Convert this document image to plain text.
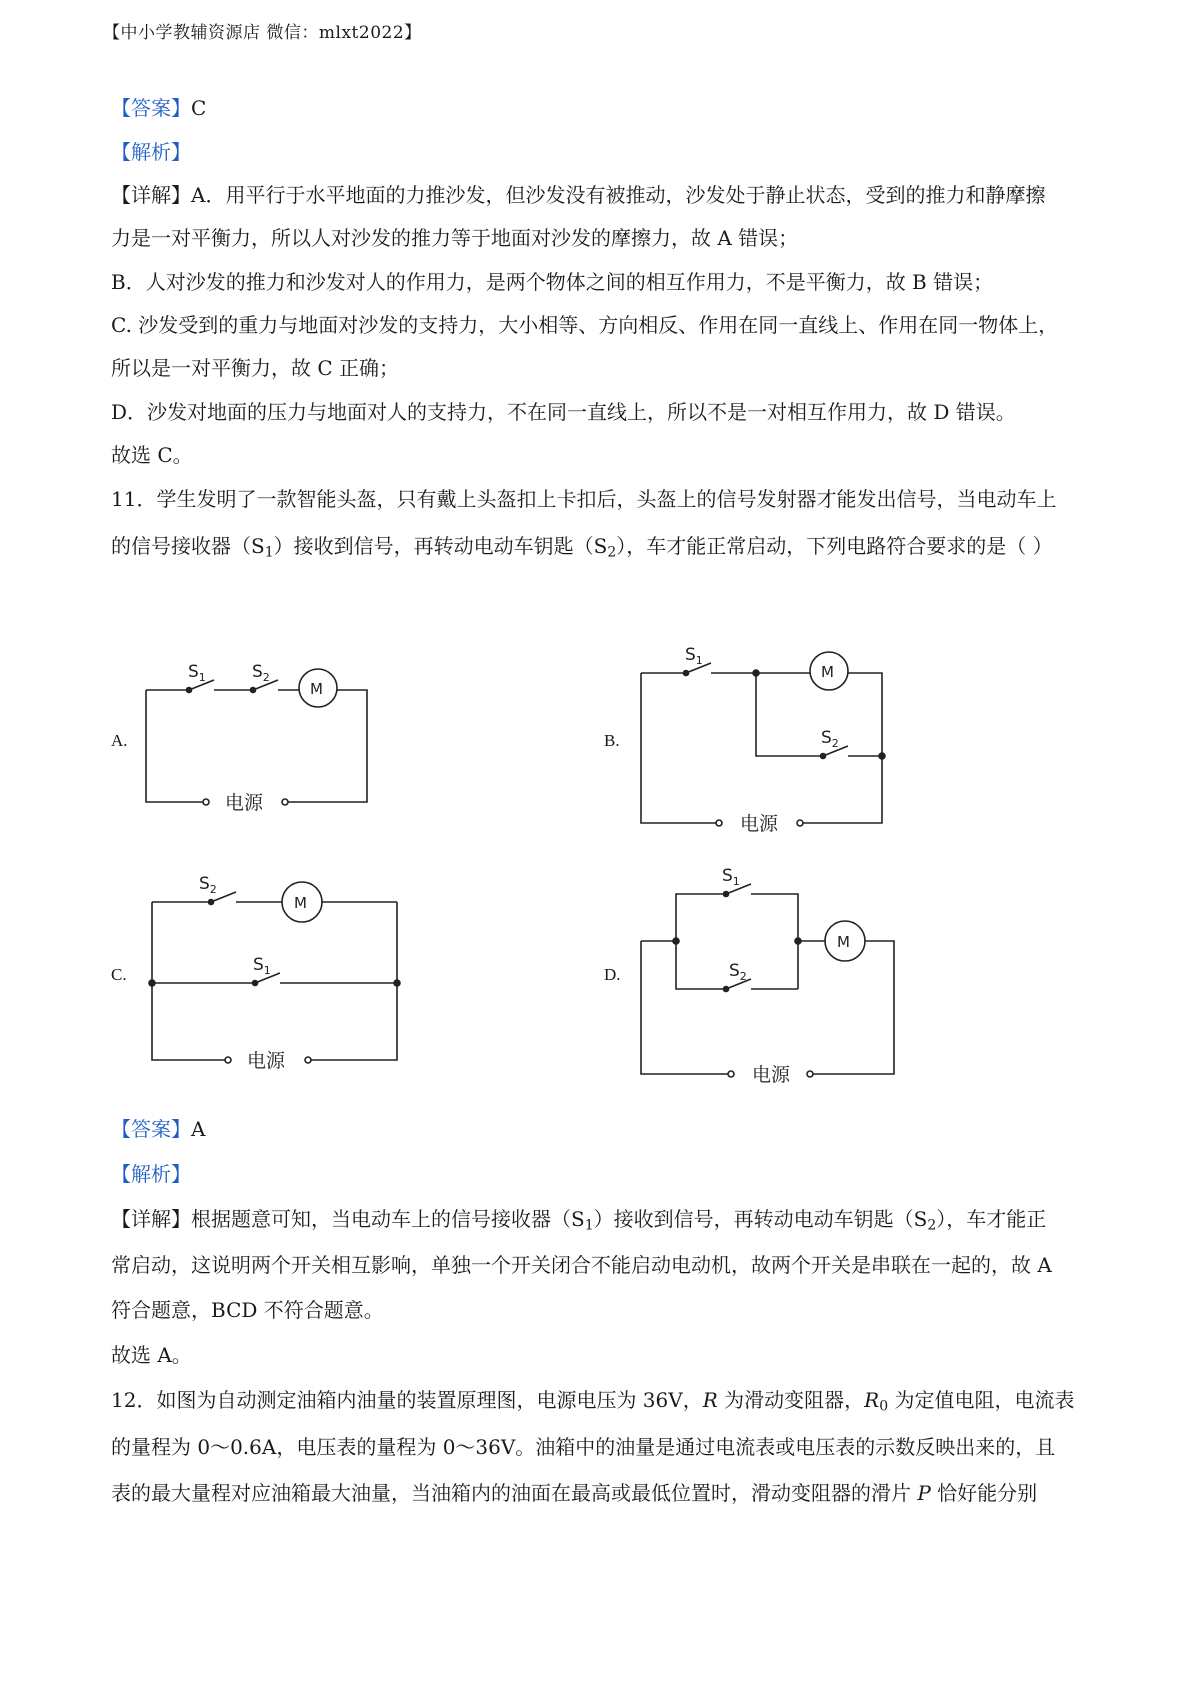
【中小学教辅资源店 微信：mlxt2022】
【答案】C
【解析】
【详解】A．用平行于水平地面的力推沙发，但沙发没有被推动，沙发处于静止状态，受到的推力和静摩擦
力是一对平衡力，所以人对沙发的推力等于地面对沙发的摩擦力，故 A 错误；
B．人对沙发的推力和沙发对人的作用力，是两个物体之间的相互作用力，不是平衡力，故 B 错误；
C. 沙发受到的重力与地面对沙发的支持力，大小相等、方向相反、作用在同一直线上、作用在同一物体上，
所以是一对平衡力，故 C 正确；
D．沙发对地面的压力与地面对人的支持力，不在同一直线上，所以不是一对相互作用力，故 D 错误。
故选 C。
11．学生发明了一款智能头盔，只有戴上头盔扣上卡扣后，头盔上的信号发射器才能发出信号，当电动车上
的信号接收器$(S_1)$接收到信号，再转动电动车钥匙$(S_2)$，车才能正常启动，下列电路符合要求的是（ ）
A.	B.
C.	D.
$S_1$	$S_2$
M
电源
$S_1$
$S_2$
M
电源
$S_2$
$S_1$
M
电源
$S_1$
$S_2$
M
电源
【答案】A
【解析】
【详解】根据题意可知，当电动车上的信号接收器$(S_1)$接收到信号，再转动电动车钥匙$(S_2)$，车才能正
常启动，这说明两个开关相互影响，单独一个开关闭合不能启动电动机，故两个开关是串联在一起的，故 A
符合题意，BCD 不符合题意。
故选 A。
12．如图为自动测定油箱内油量的装置原理图，电源电压为 36V，R 为滑动变阻器，$R_0$ 为定值电阻，电流表
的量程为 0～0.6A，电压表的量程为 0～36V。油箱中的油量是通过电流表或电压表的示数反映出来的，且
表的最大量程对应油箱最大油量，当油箱内的油面在最高或最低位置时，滑动变阻器的滑片 P 恰好能分别
